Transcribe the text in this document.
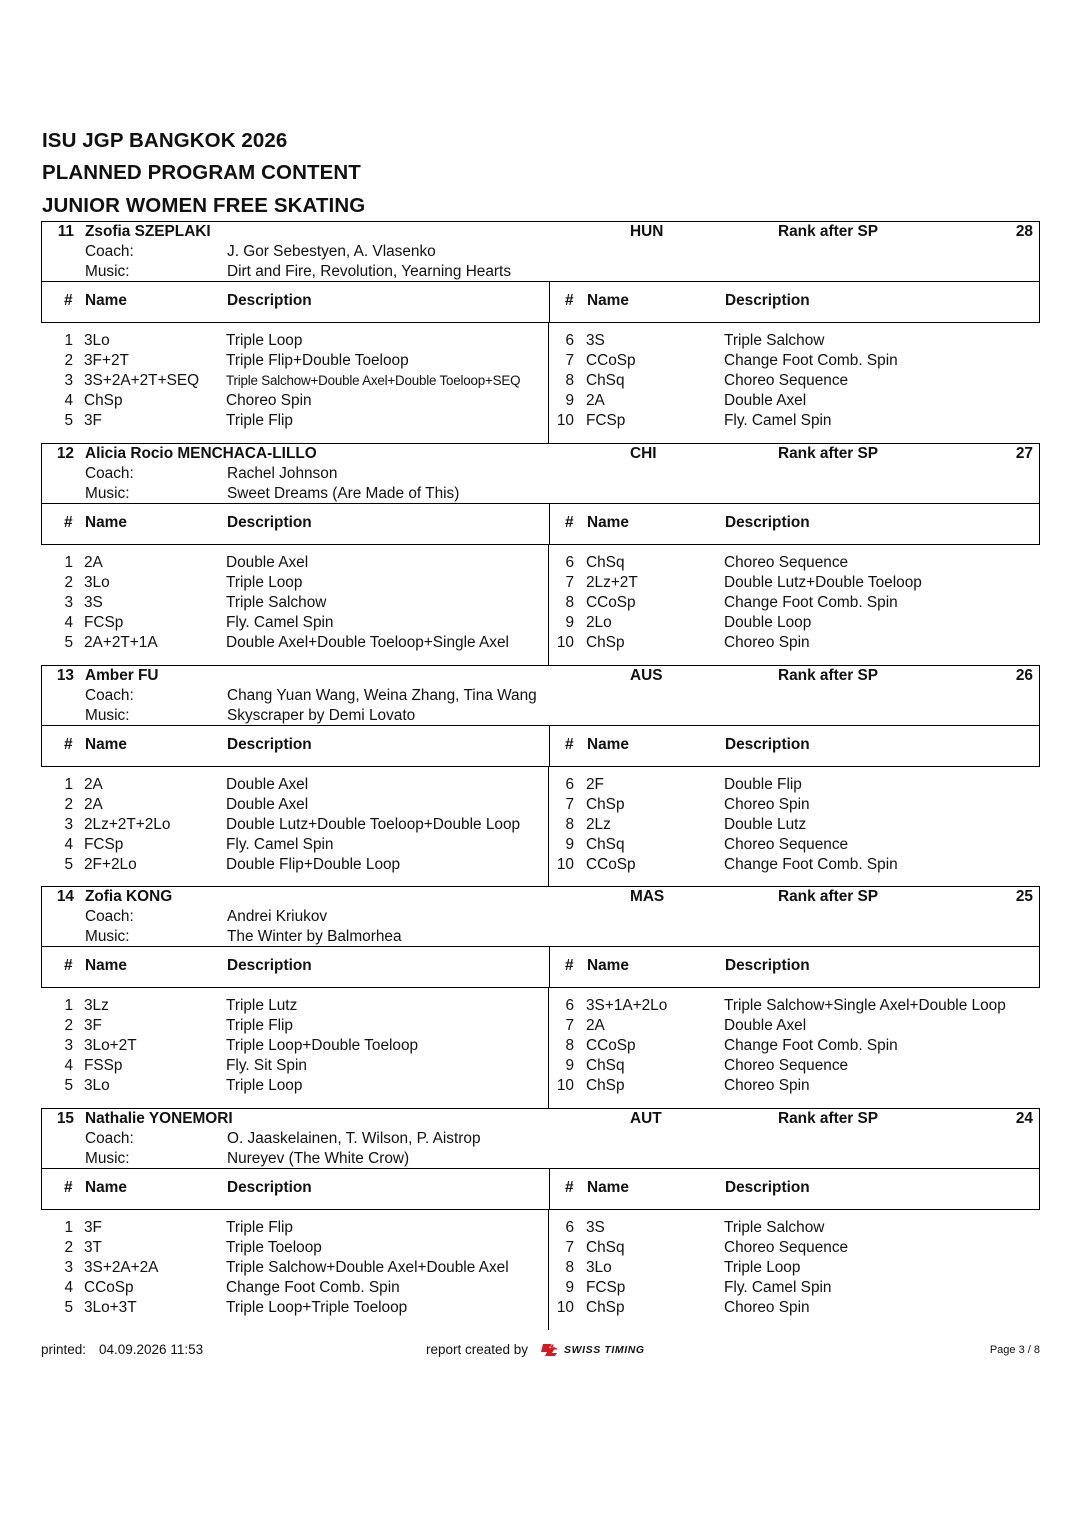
ISU JGP BANGKOK 2026
PLANNED PROGRAM CONTENT
JUNIOR WOMEN FREE SKATING
11 Zsofia SZEPLAKI	HUN	Rank after SP	28
Coach:	J. Gor Sebestyen, A. Vlasenko
Music:	Dirt and Fire, Revolution, Yearning Hearts
# Name	Description	# Name	Description
1 3Lo	Triple Loop
2 3F+2T	Triple Flip+Double Toeloop
3 3S+2A+2T+SEQ Triple Salchow+Double Axel+Double Toeloop+SEQ
4 ChSp	Choreo Spin
5 3F	Triple Flip
6 3S	Triple Salchow
7 CCoSp	Change Foot Comb. Spin
8 ChSq	Choreo Sequence
9 2A	Double Axel
10 FCSp	Fly. Camel Spin
12 Alicia Rocio MENCHACA-LILLO	CHI	Rank after SP	27
Coach:	Rachel Johnson
Music:	Sweet Dreams (Are Made of This)
# Name	Description	# Name	Description
1 2A	Double Axel
2 3Lo	Triple Loop
3 3S	Triple Salchow
4 FCSp	Fly. Camel Spin
5 2A+2T+1A	Double Axel+Double Toeloop+Single Axel
6 ChSq	Choreo Sequence
7 2Lz+2T	Double Lutz+Double Toeloop
8 CCoSp	Change Foot Comb. Spin
9 2Lo	Double Loop
10 ChSp	Choreo Spin
13 Amber FU	AUS	Rank after SP	26
Coach:	Chang Yuan Wang, Weina Zhang, Tina Wang
Music:	Skyscraper by Demi Lovato
# Name	Description	# Name	Description
1 2A	Double Axel
2 2A	Double Axel
3 2Lz+2T+2Lo	Double Lutz+Double Toeloop+Double Loop
4 FCSp	Fly. Camel Spin
5 2F+2Lo	Double Flip+Double Loop
6 2F	Double Flip
7 ChSp	Choreo Spin
8 2Lz	Double Lutz
9 ChSq	Choreo Sequence
10 CCoSp	Change Foot Comb. Spin
14 Zofia KONG	MAS	Rank after SP	25
Coach:	Andrei Kriukov
Music:	The Winter by Balmorhea
# Name	Description	# Name	Description
1 3Lz	Triple Lutz
2 3F	Triple Flip
3 3Lo+2T	Triple Loop+Double Toeloop
4 FSSp	Fly. Sit Spin
5 3Lo	Triple Loop
6 3S+1A+2Lo	Triple Salchow+Single Axel+Double Loop
7 2A	Double Axel
8 CCoSp	Change Foot Comb. Spin
9 ChSq	Choreo Sequence
10 ChSp	Choreo Spin
15 Nathalie YONEMORI	AUT	Rank after SP	24
Coach:	O. Jaaskelainen, T. Wilson, P. Aistrop
Music:	Nureyev (The White Crow)
# Name	Description	# Name	Description
1 3F	Triple Flip
2 3T	Triple Toeloop
3 3S+2A+2A	Triple Salchow+Double Axel+Double Axel
4 CCoSp	Change Foot Comb. Spin
5 3Lo+3T	Triple Loop+Triple Toeloop
6 3S	Triple Salchow
7 ChSq	Choreo Sequence
8 3Lo	Triple Loop
9 FCSp	Fly. Camel Spin
10 ChSp	Choreo Spin
printed: 04.09.2026 11:53	report created by	SWISS TIMING	Page 3 / 8
